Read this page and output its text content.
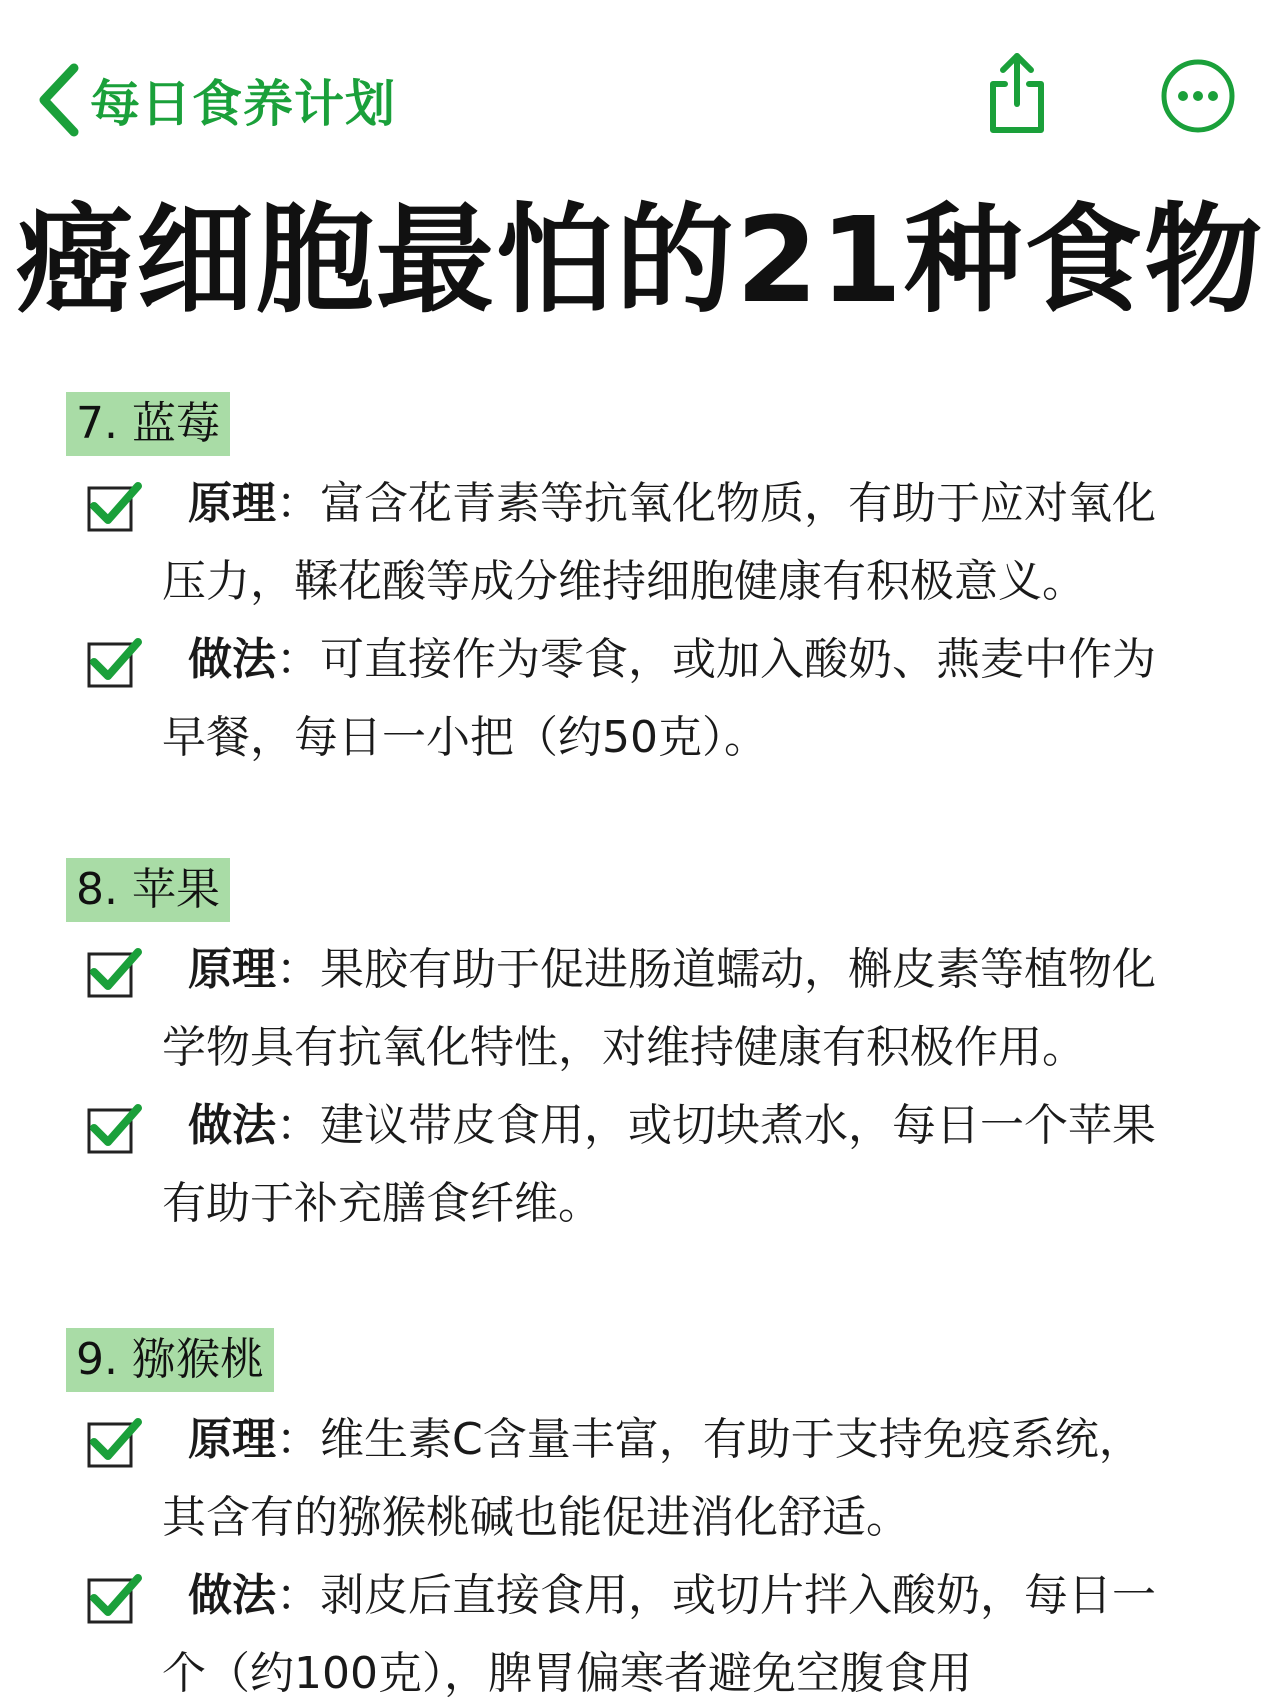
每日食养计划
癌细胞最怕的21种食物
7. 蓝莓
原理：富含花青素等抗氧化物质，有助于应对氧化
压力，鞣花酸等成分维持细胞健康有积极意义。
做法：可直接作为零食，或加入酸奶、燕麦中作为
早餐，每日一小把（约50克）。
8. 苹果
原理：果胶有助于促进肠道蠕动，槲皮素等植物化
学物具有抗氧化特性，对维持健康有积极作用。
做法：建议带皮食用，或切块煮水，每日一个苹果
有助于补充膳食纤维。
9. 猕猴桃
原理：维生素C含量丰富，有助于支持免疫系统，
其含有的猕猴桃碱也能促进消化舒适。
做法：剥皮后直接食用，或切片拌入酸奶，每日一
个（约100克），脾胃偏寒者避免空腹食用
